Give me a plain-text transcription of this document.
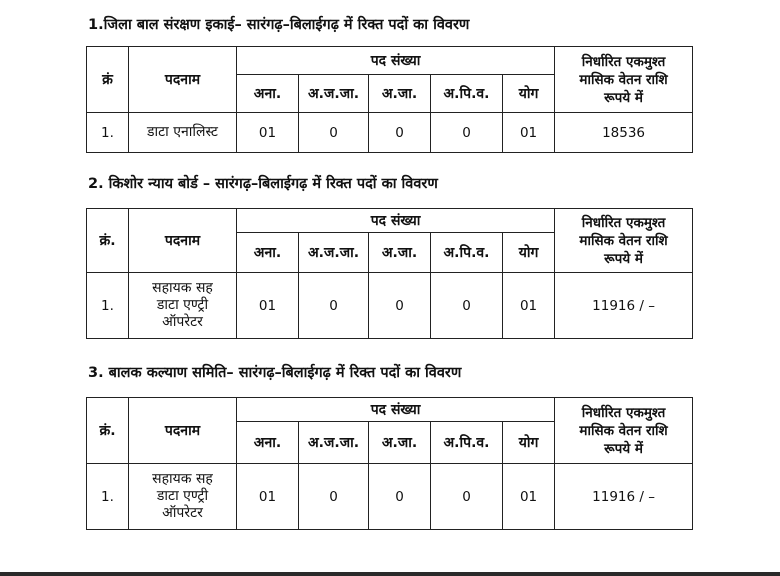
1.जिला बाल संरक्षण इकाई– सारंगढ़–बिलाईगढ़ में रिक्त पदों का विवरण
क्रं	पदनाम	पद संख्या					निर्धारित एकमुश्त
मासिक वेतन राशि
रूपये में

		अना.	अ.ज.जा.	अ.जा.	अ.पि.व.	योग	
1.	डाटा एनालिस्ट	01	0	0	0	01	18536
2. किशोर न्याय बोर्ड – सारंगढ़–बिलाईगढ़ में रिक्त पदों का विवरण
क्रं.	पदनाम	पद संख्या					निर्धारित एकमुश्त
मासिक वेतन राशि
रूपये में

		अना.	अ.ज.जा.	अ.जा.	अ.पि.व.	योग	
1.	सहायक सह
डाटा एण्ट्री
ऑपरेटर	01	0	0	0	01	11916 / –
3. बालक कल्याण समिति– सारंगढ़–बिलाईगढ़ में रिक्त पदों का विवरण
क्रं.	पदनाम	पद संख्या					निर्धारित एकमुश्त
मासिक वेतन राशि
रूपये में

		अना.	अ.ज.जा.	अ.जा.	अ.पि.व.	योग	
1.	सहायक सह
डाटा एण्ट्री
ऑपरेटर	01	0	0	0	01	11916 / –
